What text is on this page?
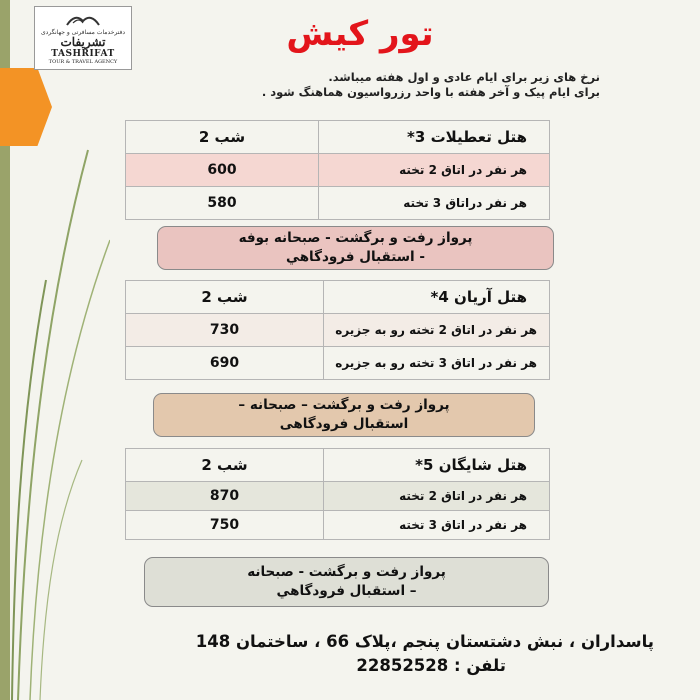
دفترخدمات مسافرتی و جهانگردی
تشریفات
TASHRIFAT
TOUR & TRAVEL AGENCY
تور کیش
نرخ های زیر برای ایام عادی و اول هفته میباشد.
برای ایام پیک و آخر هفته با واحد رزرواسیون هماهنگ شود .
2 شب	هتل تعطیلات 3*
600	هر نفر در اتاق 2 تخته
580	هر نفر دراتاق 3 تخته
پرواز رفت و برگشت - صبحانه بوفه - استقبال فرودگاهي
2 شب	هتل آریان 4*
730	هر نفر در اتاق 2 تخته رو به جزیره
690	هر نفر در اتاق 3 تخته رو به جزیره
پرواز رفت و برگشت – صبحانه – استقبال فرودگاهی
2 شب	هتل شایگان 5*
870	هر نفر در اتاق 2 تخته
750	هر نفر در اتاق 3 تخته
پرواز رفت و برگشت - صبحانه – استقبال فرودگاهي
پاسداران ، نبش دشتستان پنجم ،پلاک 66 ، ساختمان 148
تلفن : 22852528
